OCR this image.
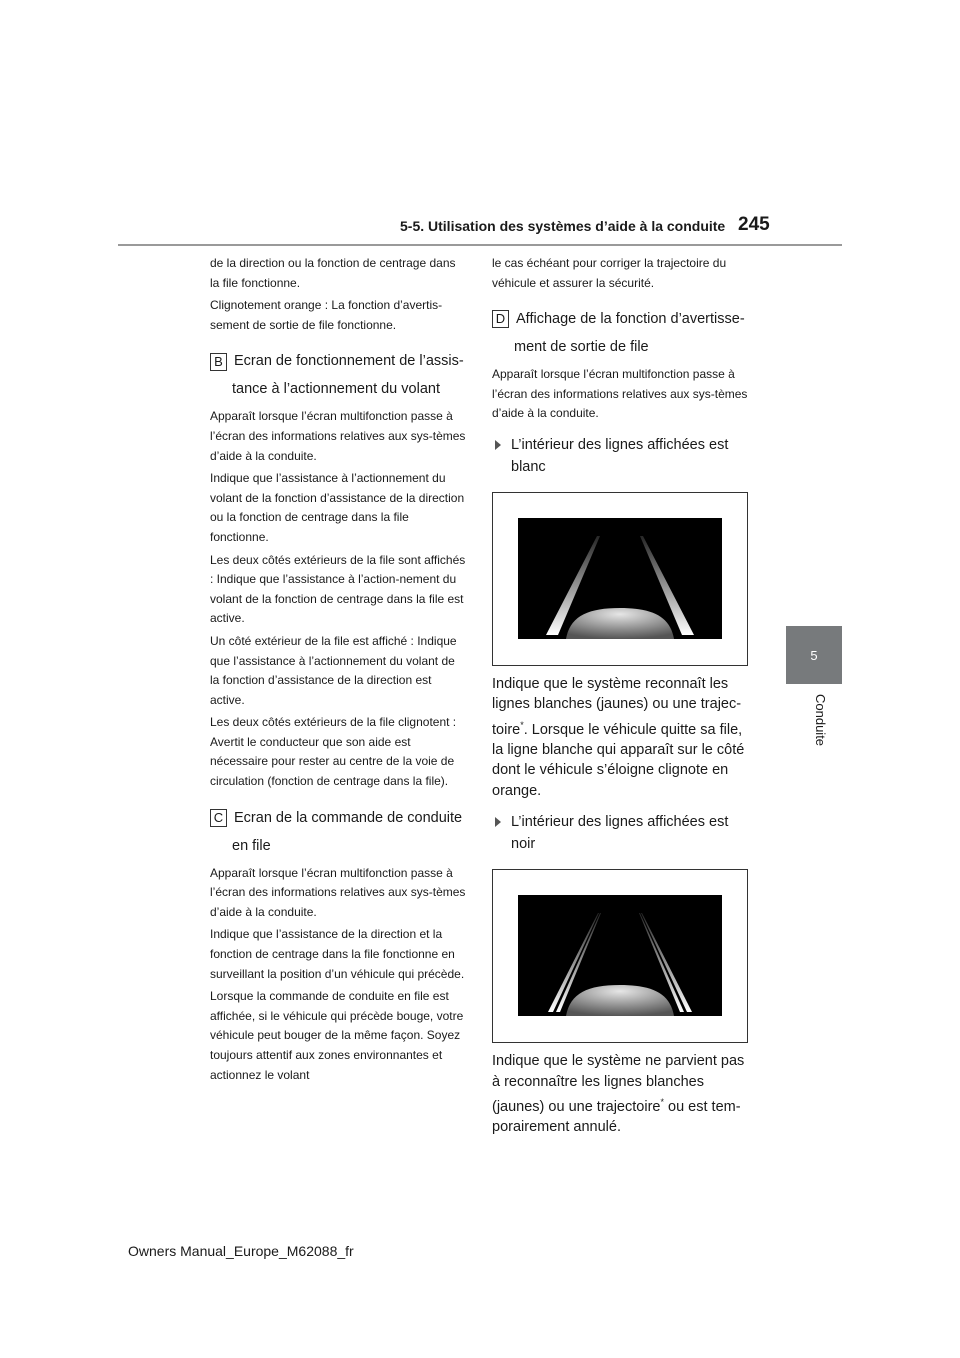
5-5. Utilisation des systèmes d’aide à la conduite 245
5
Conduite

de la direction ou la fonction de centrage dans la file fonctionne.

Clignotement orange : La fonction d’avertis-sement de sortie de file fonctionne.

B Ecran de fonctionnement de l’assis-
tance à l’actionnement du volant

Apparaît lorsque l’écran multifonction passe à l’écran des informations relatives aux sys-tèmes d’aide à la conduite.

Indique que l’assistance à l’actionnement du volant de la fonction d’assistance de la direction ou la fonction de centrage dans la file fonctionne.

Les deux côtés extérieurs de la file sont affichés : Indique que l’assistance à l’action-nement du volant de la fonction de centrage dans la file est active.

Un côté extérieur de la file est affiché : Indique que l’assistance à l’actionnement du volant de la fonction d’assistance de la direction est active.

Les deux côtés extérieurs de la file clignotent : Avertit le conducteur que son aide est nécessaire pour rester au centre de la voie de circulation (fonction de centrage dans la file).

C Ecran de la commande de conduite
en file

Apparaît lorsque l’écran multifonction passe à l’écran des informations relatives aux sys-tèmes d’aide à la conduite.

Indique que l’assistance de la direction et la fonction de centrage dans la file fonctionne en surveillant la position d’un véhicule qui précède.

Lorsque la commande de conduite en file est affichée, si le véhicule qui précède bouge, votre véhicule peut bouger de la même façon. Soyez toujours attentif aux zones environnantes et actionnez le volant

le cas échéant pour corriger la trajectoire du véhicule et assurer la sécurité.

D Affichage de la fonction d’avertisse-
ment de sortie de file

Apparaît lorsque l’écran multifonction passe à l’écran des informations relatives aux sys-tèmes d’aide à la conduite.

L’intérieur des lignes affichées est blanc

Indique que le système reconnaît les lignes blanches (jaunes) ou une trajec-toire*. Lorsque le véhicule quitte sa file, la ligne blanche qui apparaît sur le côté dont le véhicule s’éloigne clignote en orange.

L’intérieur des lignes affichées est noir

Indique que le système ne parvient pas à reconnaître les lignes blanches (jaunes) ou une trajectoire* ou est tem-porairement annulé.

Owners Manual_Europe_M62088_fr
